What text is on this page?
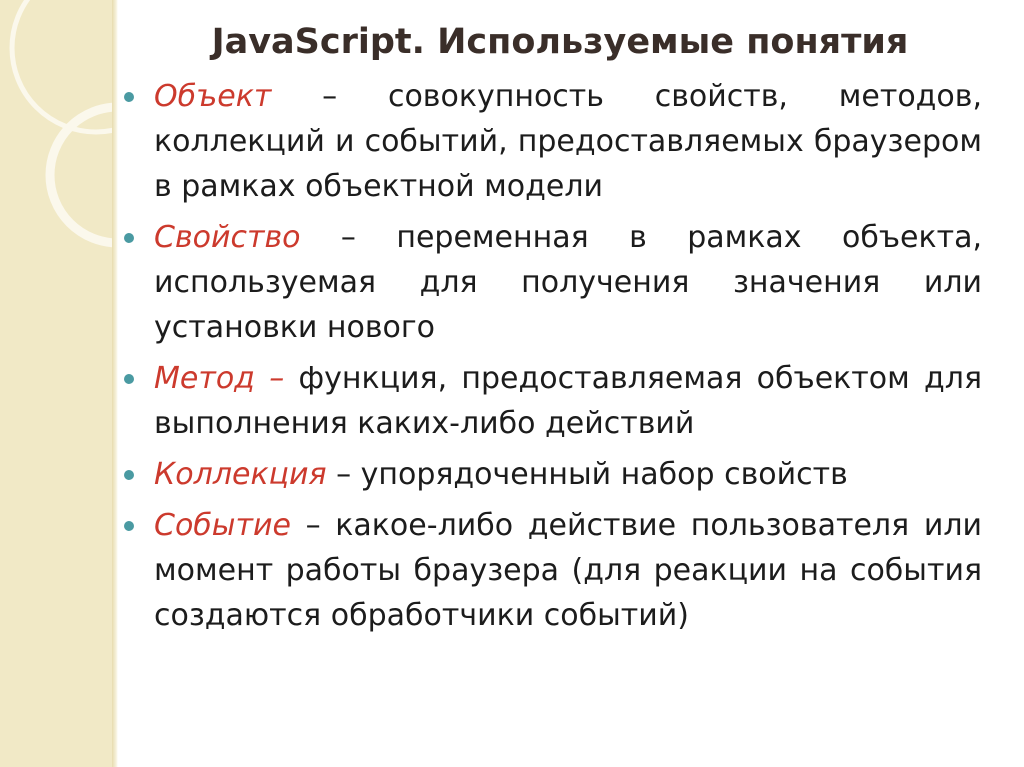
JavaScript. Используемые понятия
Объект – совокупность свойств, методов, коллекций и событий, предоставляемых браузером в рамках объектной модели
Свойство – переменная в рамках объекта, используемая для получения значения или установки нового
Метод – функция, предоставляемая объектом для выполнения каких-либо действий
Коллекция – упорядоченный набор свойств
Событие – какое-либо действие пользователя или момент работы браузера (для реакции на события создаются обработчики событий)
